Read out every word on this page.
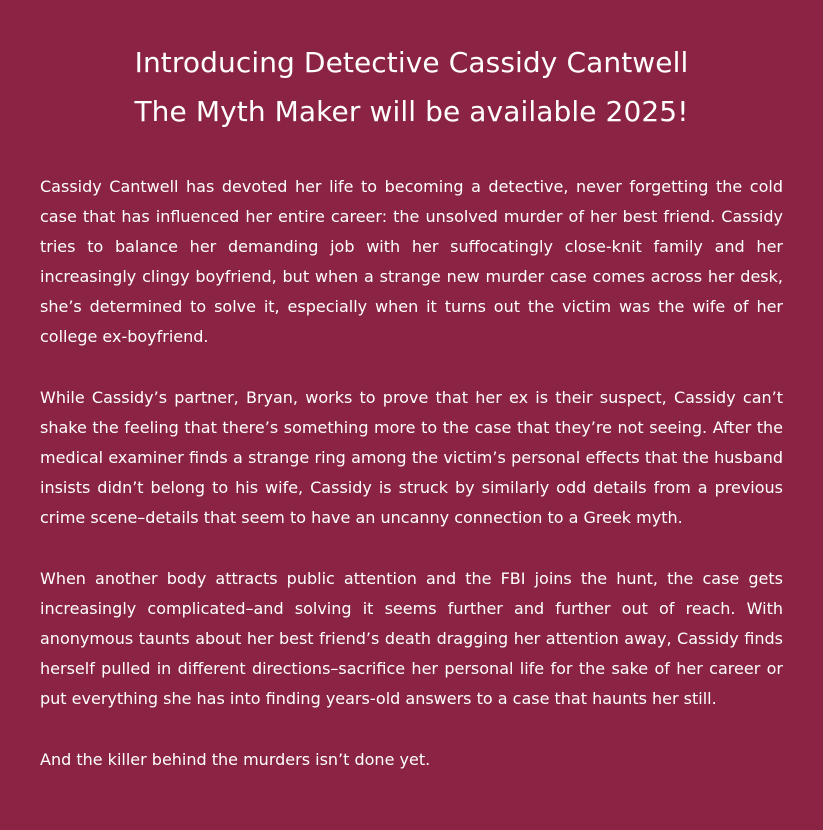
Introducing Detective Cassidy Cantwell
The Myth Maker will be available 2025!

Cassidy Cantwell has devoted her life to becoming a detective, never forgetting the cold case that has influenced her entire career: the unsolved murder of her best friend. Cassidy tries to balance her demanding job with her suffocatingly close-knit family and her increasingly clingy boyfriend, but when a strange new murder case comes across her desk, she’s determined to solve it, especially when it turns out the victim was the wife of her college ex-boyfriend.

While Cassidy’s partner, Bryan, works to prove that her ex is their suspect, Cassidy can’t shake the feeling that there’s something more to the case that they’re not seeing. After the medical examiner finds a strange ring among the victim’s personal effects that the husband insists didn’t belong to his wife, Cassidy is struck by similarly odd details from a previous crime scene–details that seem to have an uncanny connection to a Greek myth.

When another body attracts public attention and the FBI joins the hunt, the case gets increasingly complicated–and solving it seems further and further out of reach. With anonymous taunts about her best friend’s death dragging her attention away, Cassidy finds herself pulled in different directions–sacrifice her personal life for the sake of her career or put everything she has into finding years-old answers to a case that haunts her still.

And the killer behind the murders isn’t done yet.
